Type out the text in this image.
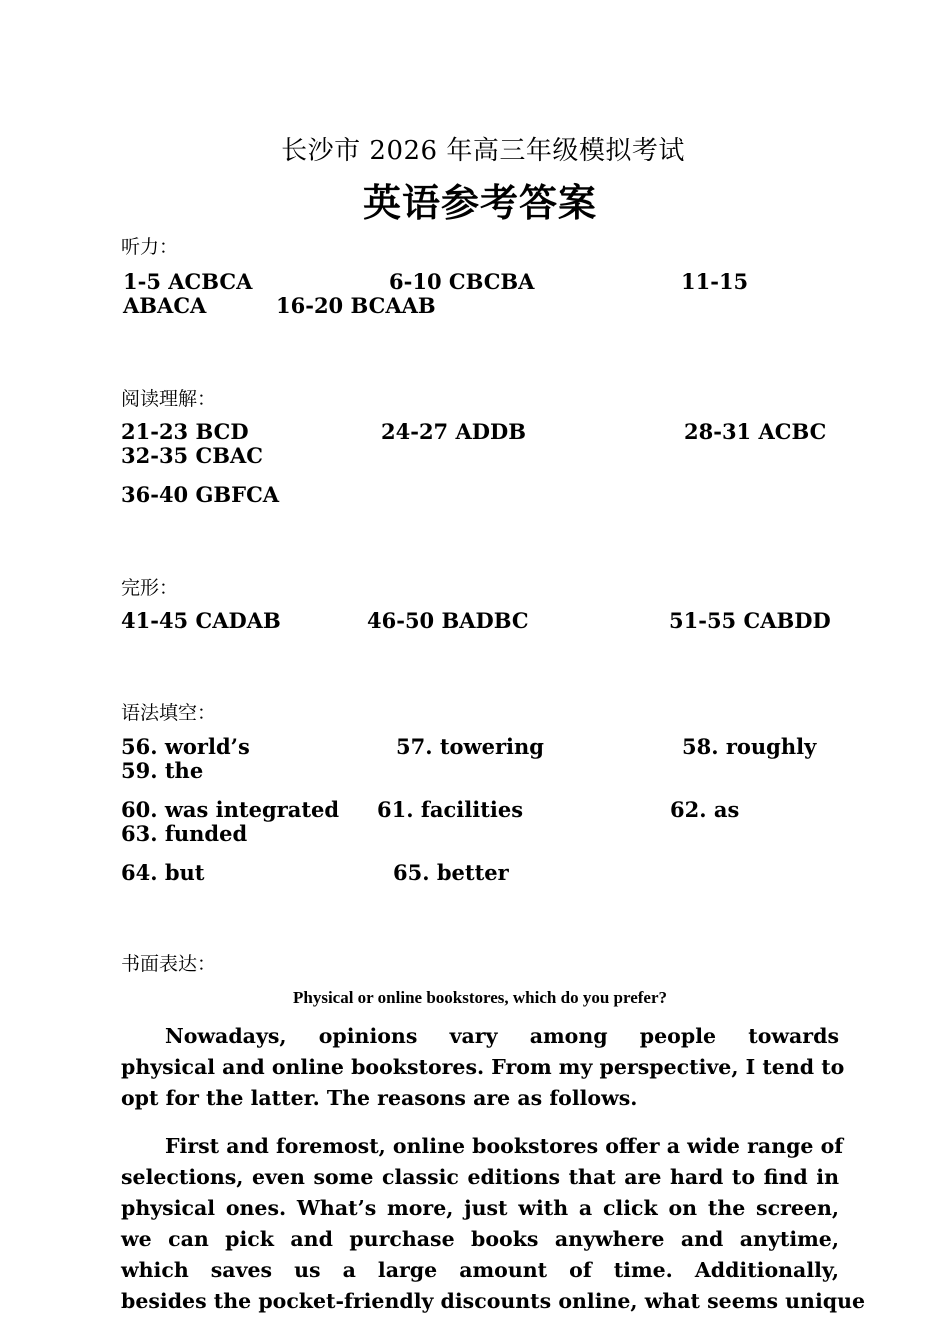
长沙市 2026 年高三年级模拟考试
英语参考答案
听力：
1-5 ACBCA	6-10 CBCBA	11-15
ABACA	16-20 BCAAB
阅读理解：
21-23 BCD	24-27 ADDB	28-31 ACBC
32-35 CBAC
36-40 GBFCA
完形：
41-45 CADAB	46-50 BADBC	51-55 CABDD
语法填空：
56. world’s	57. towering	58. roughly
59. the
60. was integrated 61. facilities	62. as
63. funded
64. but	65. better
书面表达：
Physical or online bookstores, which do you prefer?
Nowadays, opinions vary among people towards
physical and online bookstores. From my perspective, I tend to
opt for the latter. The reasons are as follows.
First and foremost, online bookstores offer a wide range of
selections, even some classic editions that are hard to find in
physical ones. What’s more, just with a click on the screen,
we can pick and purchase books anywhere and anytime,
which saves us a large amount of time. Additionally,
besides the pocket-friendly discounts online, what seems unique
